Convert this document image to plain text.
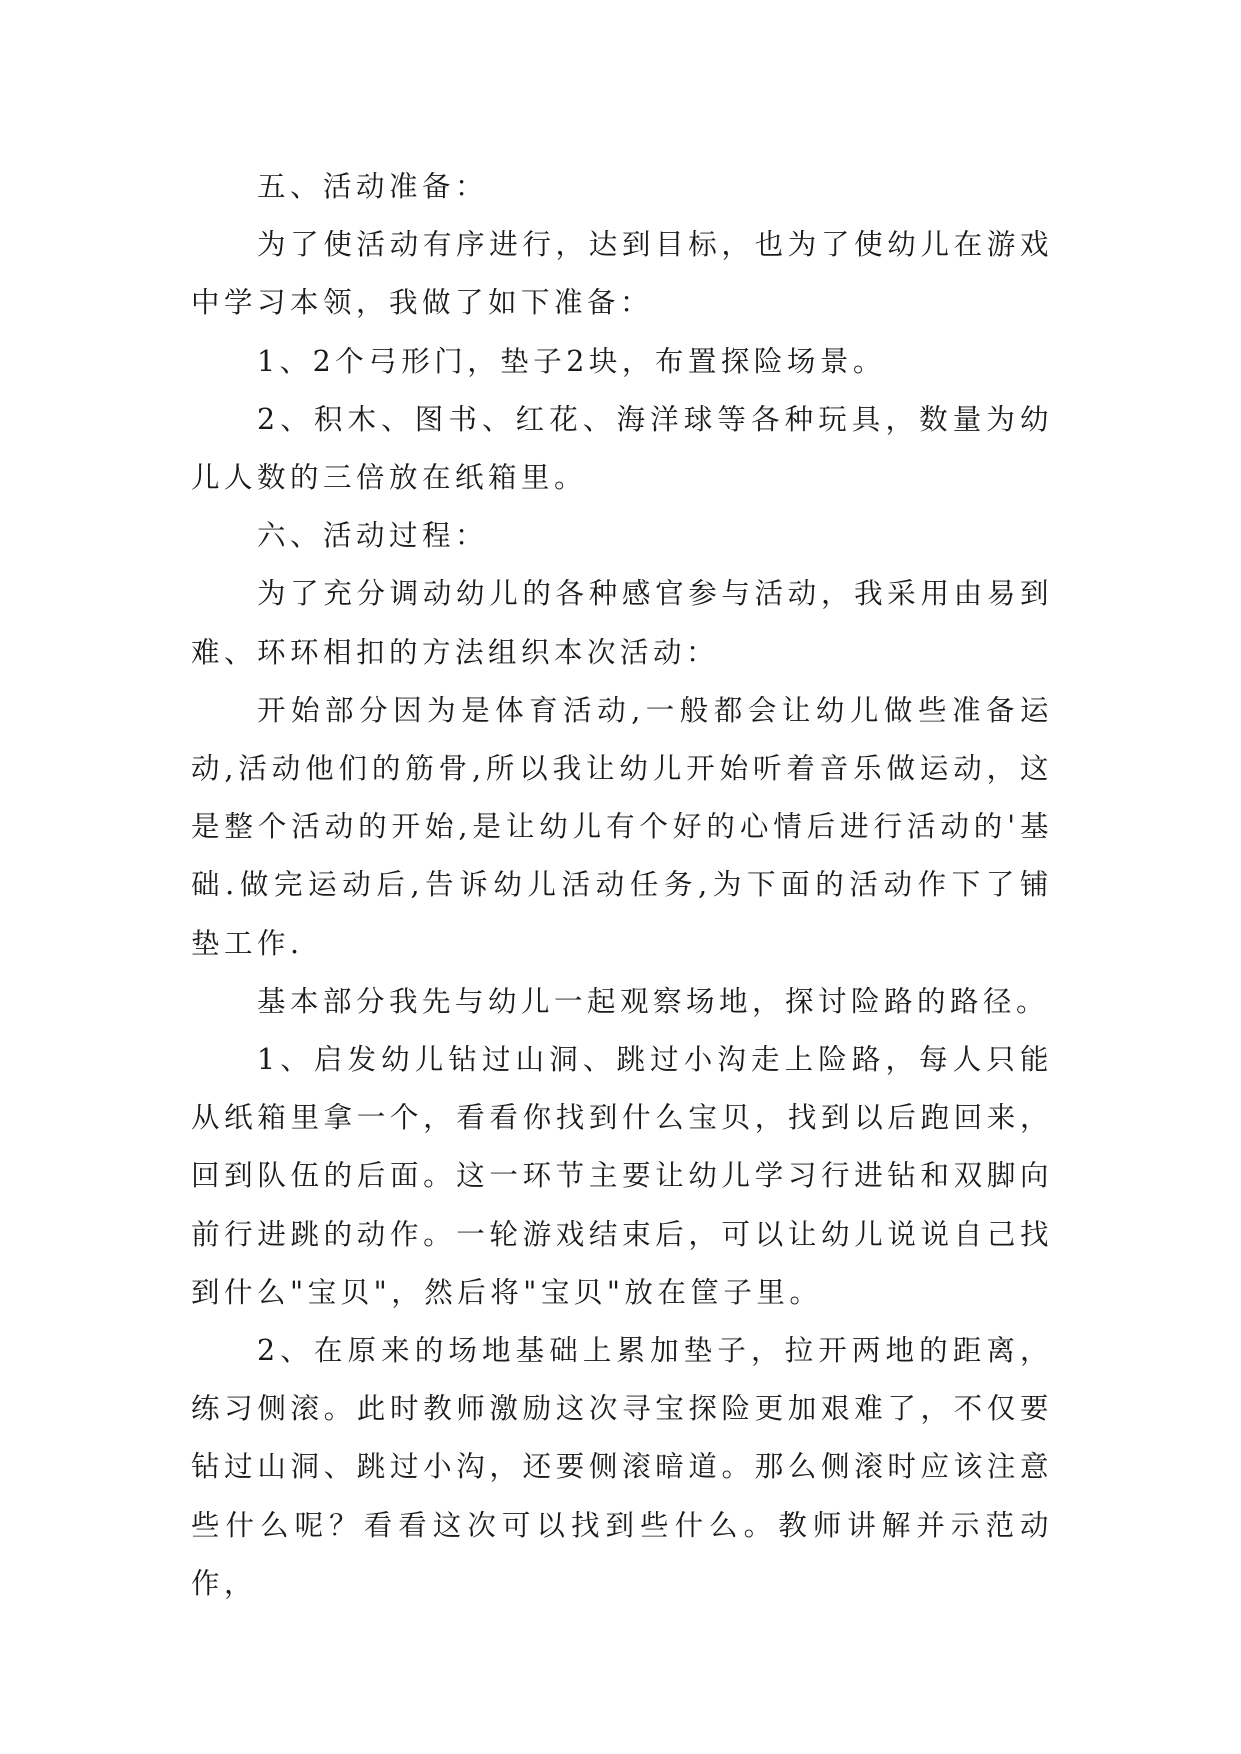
五、活动准备：

为了使活动有序进行，达到目标，也为了使幼儿在游戏中学习本领，我做了如下准备：

1、2个弓形门，垫子2块，布置探险场景。

2、积木、图书、红花、海洋球等各种玩具，数量为幼儿人数的三倍放在纸箱里。

六、活动过程：

为了充分调动幼儿的各种感官参与活动，我采用由易到难、环环相扣的方法组织本次活动：

开始部分因为是体育活动,一般都会让幼儿做些准备运动,活动他们的筋骨,所以我让幼儿开始听着音乐做运动，这是整个活动的开始,是让幼儿有个好的心情后进行活动的'基础.做完运动后,告诉幼儿活动任务,为下面的活动作下了铺垫工作.

基本部分我先与幼儿一起观察场地，探讨险路的路径。

1、启发幼儿钻过山洞、跳过小沟走上险路，每人只能从纸箱里拿一个，看看你找到什么宝贝，找到以后跑回来，回到队伍的后面。这一环节主要让幼儿学习行进钻和双脚向前行进跳的动作。一轮游戏结束后，可以让幼儿说说自己找到什么"宝贝"，然后将"宝贝"放在筐子里。

2、在原来的场地基础上累加垫子，拉开两地的距离，练习侧滚。此时教师激励这次寻宝探险更加艰难了，不仅要钻过山洞、跳过小沟，还要侧滚暗道。那么侧滚时应该注意些什么呢？看看这次可以找到些什么。教师讲解并示范动作，
